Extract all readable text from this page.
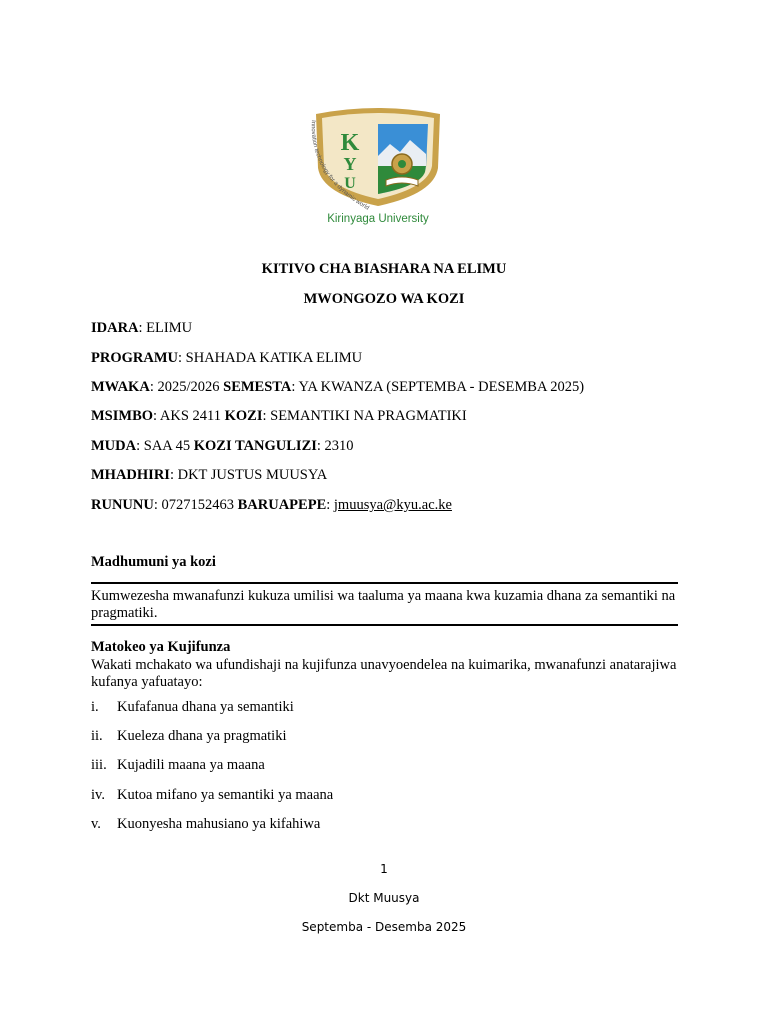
K
Y
U
Innovation technology for a dynamic world
Kirinyaga University
KITIVO CHA BIASHARA NA ELIMU
MWONGOZO WA KOZI
IDARA: ELIMU
PROGRAMU: SHAHADA KATIKA ELIMU
MWAKA: 2025/2026 SEMESTA: YA KWANZA (SEPTEMBA - DESEMBA 2025)
MSIMBO: AKS 2411 KOZI: SEMANTIKI NA PRAGMATIKI
MUDA: SAA 45 KOZI TANGULIZI: 2310
MHADHIRI: DKT JUSTUS MUUSYA
RUNUNU: 0727152463 BARUAPEPE: jmuusya@kyu.ac.ke
Madhumuni ya kozi
Kumwezesha mwanafunzi kukuza umilisi wa taaluma ya maana kwa kuzamia dhana za semantiki na pragmatiki.
Matokeo ya Kujifunza
Wakati mchakato wa ufundishaji na kujifunza unavyoendelea na kuimarika, mwanafunzi anatarajiwa kufanya yafuatayo:
i. Kufafanua dhana ya semantiki
ii. Kueleza dhana ya pragmatiki
iii. Kujadili maana ya maana
iv. Kutoa mifano ya semantiki ya maana
v. Kuonyesha mahusiano ya kifahiwa
1
Dkt Muusya
Septemba - Desemba 2025
